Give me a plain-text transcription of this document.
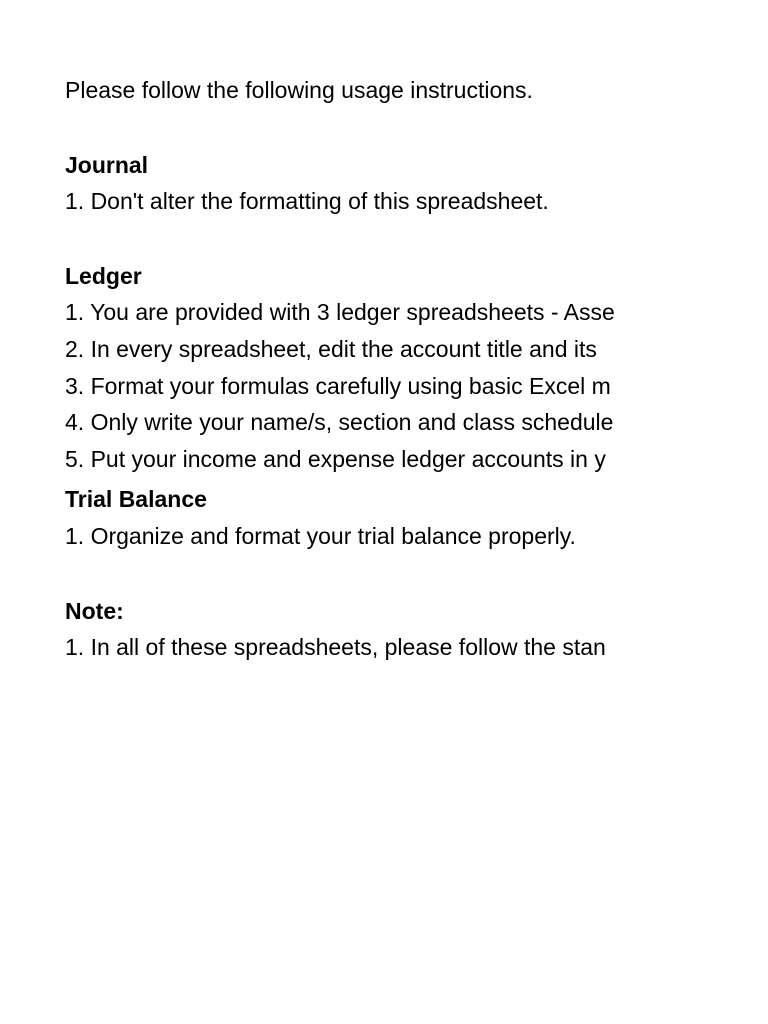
Please follow the following usage instructions.
Journal
1. Don't alter the formatting of this spreadsheet.
Ledger
1. You are provided with 3 ledger spreadsheets - Asse
2. In every spreadsheet, edit the account title and its
3. Format your formulas carefully using basic Excel m
4. Only write your name/s, section and class schedule
5. Put your income and expense ledger accounts in y
Trial Balance
1. Organize and format your trial balance properly.
Note:
1. In all of these spreadsheets, please follow the stan
